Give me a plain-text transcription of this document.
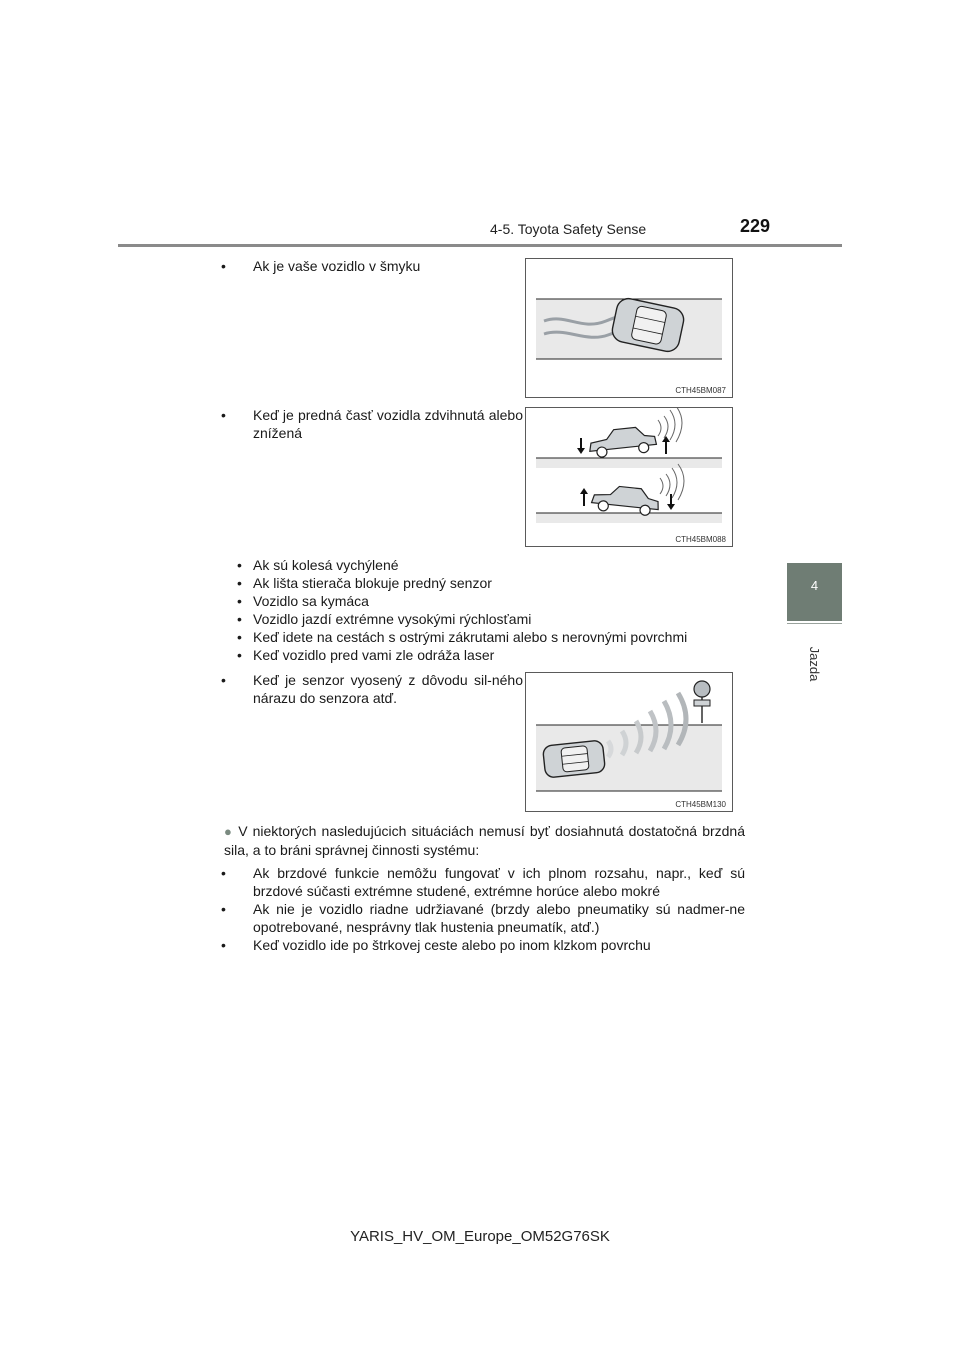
4-5. Toyota Safety Sense	229
4
Jazda
• Ak je vaše vozidlo v šmyku
CTH45BM087
• Keď je predná časť vozidla zdvihnutá alebo znížená
CTH45BM088
• Ak sú kolesá vychýlené
• Ak lišta stierača blokuje predný senzor
• Vozidlo sa kymáca
• Vozidlo jazdí extrémne vysokými rýchlosťami
• Keď idete na cestách s ostrými zákrutami alebo s nerovnými povrchmi
• Keď vozidlo pred vami zle odráža laser
• Keď je senzor vyosený z dôvodu sil-ného nárazu do senzora atď.
CTH45BM130
● V niektorých nasledujúcich situáciách nemusí byť dosiahnutá dostatočná brzdná sila, a to bráni správnej činnosti systému:
• Ak brzdové funkcie nemôžu fungovať v ich plnom rozsahu, napr., keď sú brzdové súčasti extrémne studené, extrémne horúce alebo mokré
• Ak nie je vozidlo riadne udržiavané (brzdy alebo pneumatiky sú nadmer-ne opotrebované, nesprávny tlak hustenia pneumatík, atď.)
• Keď vozidlo ide po štrkovej ceste alebo po inom klzkom povrchu
YARIS_HV_OM_Europe_OM52G76SK
